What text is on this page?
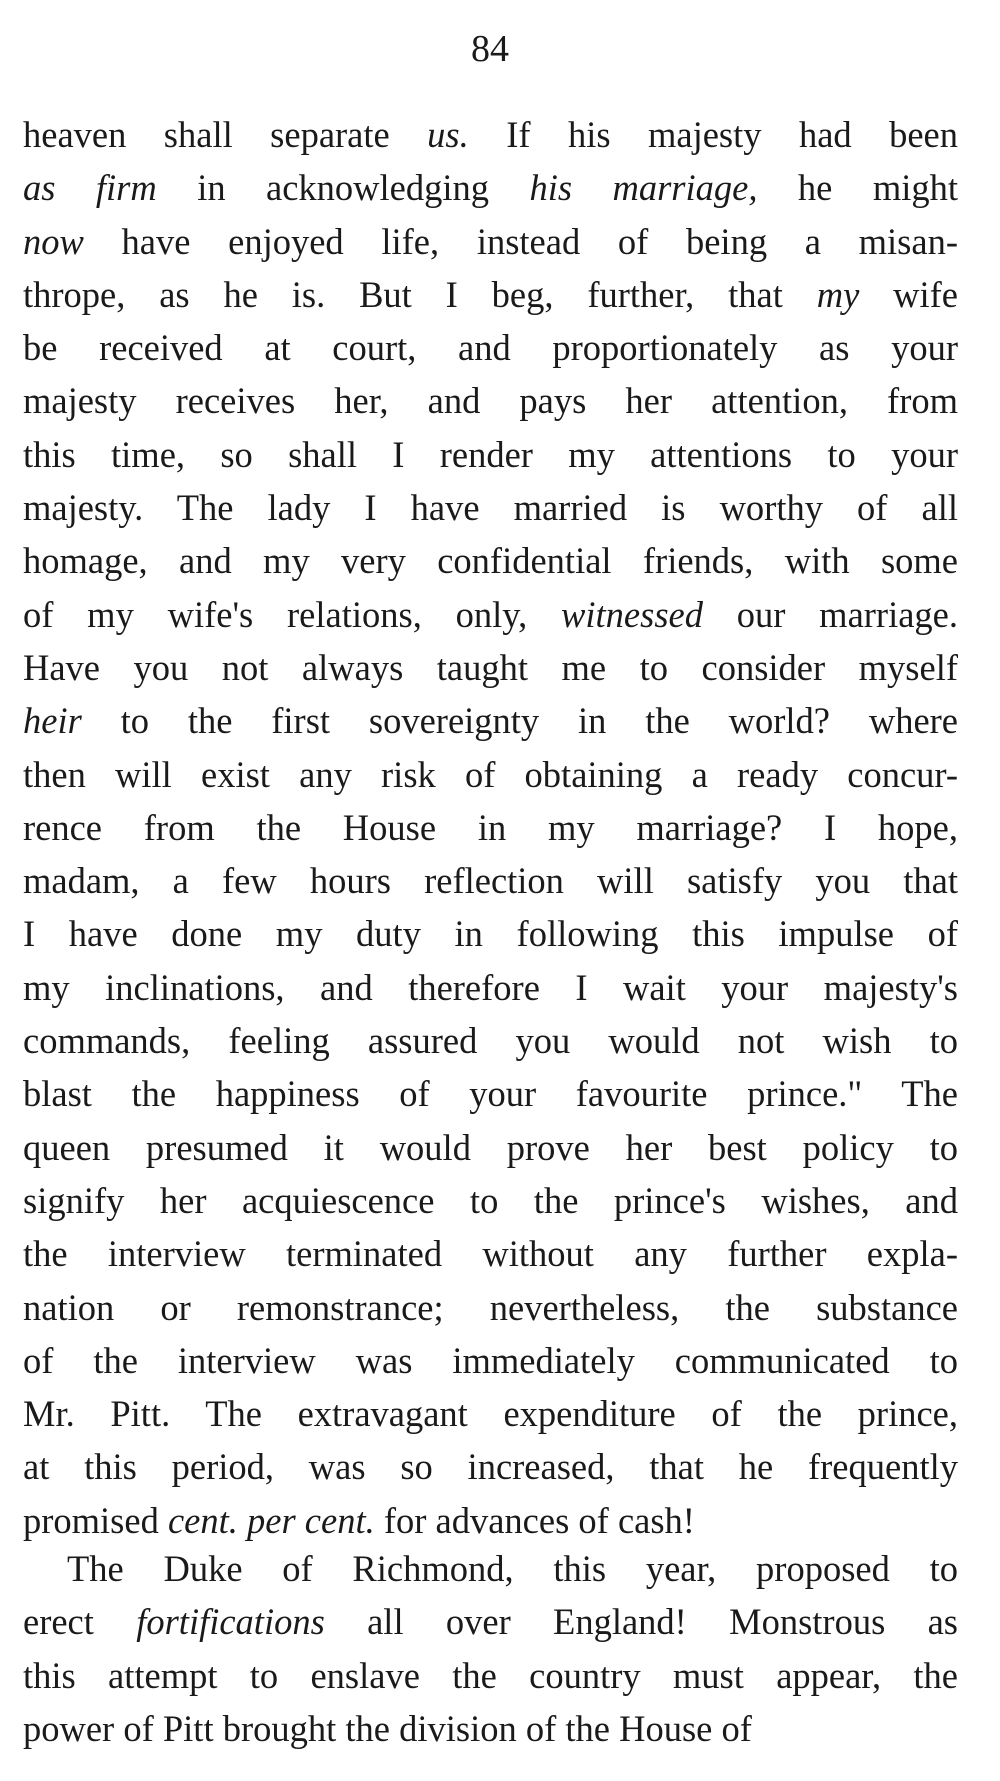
84
heaven shall separate us. If his majesty had been
as firm in acknowledging his marriage, he might
now have enjoyed life, instead of being a misan-
thrope, as he is. But I beg, further, that my wife
be received at court, and proportionately as your
majesty receives her, and pays her attention, from
this time, so shall I render my attentions to your
majesty. The lady I have married is worthy of all
homage, and my very confidential friends, with some
of my wife's relations, only, witnessed our marriage.
Have you not always taught me to consider myself
heir to the first sovereignty in the world? where
then will exist any risk of obtaining a ready concur-
rence from the House in my marriage? I hope,
madam, a few hours reflection will satisfy you that
I have done my duty in following this impulse of
my inclinations, and therefore I wait your majesty's
commands, feeling assured you would not wish to
blast the happiness of your favourite prince." The
queen presumed it would prove her best policy to
signify her acquiescence to the prince's wishes, and
the interview terminated without any further expla-
nation or remonstrance; nevertheless, the substance
of the interview was immediately communicated to
Mr. Pitt. The extravagant expenditure of the prince,
at this period, was so increased, that he frequently
promised cent. per cent. for advances of cash!
The Duke of Richmond, this year, proposed to
erect fortifications all over England! Monstrous as
this attempt to enslave the country must appear, the
power of Pitt brought the division of the House of
